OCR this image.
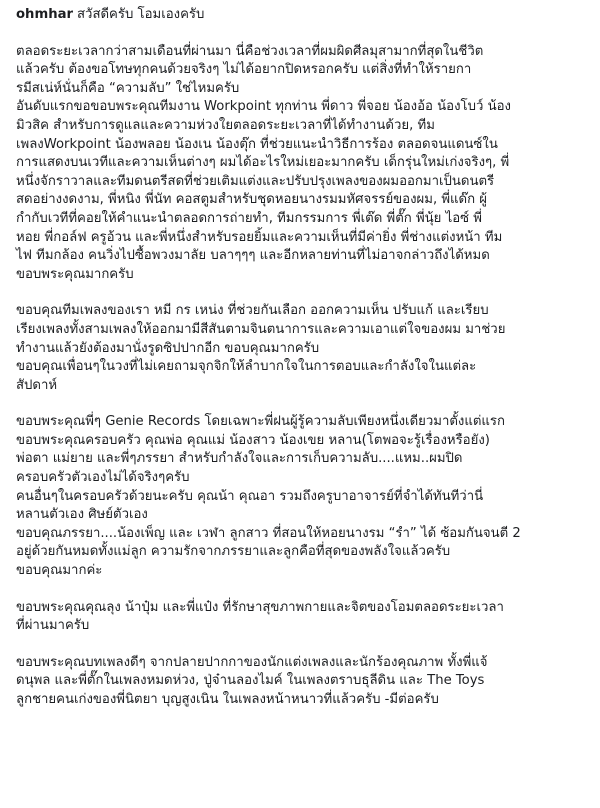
ohmhar สวัสดีครับ โอมเองครับ
ตลอดระยะเวลากว่าสามเดือนที่ผ่านมา นี่คือช่วงเวลาที่ผมผิดศีลมุสามากที่สุดในชีวิต
แล้วครับ ต้องขอโทษทุกคนด้วยจริงๆ ไม่ได้อยากปิดหรอกครับ แต่สิ่งที่ทำให้รายกา
รมีสเน่ห์นั่นก็คือ “ความลับ” ใช่ไหมครับ
อันดับแรกขอขอบพระคุณทีมงาน Workpoint ทุกท่าน พี่ดาว พี่จอย น้องอ้อ น้องโบว์ น้อง
มิวสิค สำหรับการดูแลและความห่วงใยตลอดระยะเวลาที่ได้ทำงานด้วย, ทีม
เพลงWorkpoint น้องพลอย น้องเน น้องตุ๊ก ที่ช่วยแนะนำวิธีการร้อง ตลอดจนแดนซ์ใน
การแสดงบนเวทีและความเห็นต่างๆ ผมได้อะไรใหม่เยอะมากครับ เด็กรุ่นใหม่เก่งจริงๆ, พี่
หนึ่งจักราวาลและทีมดนตรีสดที่ช่วยเติมแต่งและปรับปรุงเพลงของผมออกมาเป็นดนตรี
สดอย่างงดงาม, พี่หนิง พี่นัท คอสตูมสำหรับชุดหอยนางรมมหัศจรรย์ของผม, พี่แด๊ก ผู้
กำกับเวทีที่คอยให้คำแนะนำตลอดการถ่ายทำ, ทีมกรรมการ พี่เต๊ด พี่ตั๊ก พี่นุ้ย ไอซ์ พี่
หอย พี่กอล์ฟ ครูอ้วน และพี่หนึ่งสำหรับรอยยิ้มและความเห็นที่มีค่ายิ่ง พี่ช่างแต่งหน้า ทีม
ไฟ ทีมกล้อง คนวิ่งไปซื้อพวงมาลัย บลาๆๆๆ และอีกหลายท่านที่ไม่อาจกล่าวถึงได้หมด
ขอบพระคุณมากครับ
ขอบคุณทีมเพลงของเรา หมี กร เหน่ง ที่ช่วยกันเลือก ออกความเห็น ปรับแก้ และเรียบ
เรียงเพลงทั้งสามเพลงให้ออกมามีสีสันตามจินตนาการและความเอาแต่ใจของผม มาช่วย
ทำงานแล้วยังต้องมานั่งรูดซิปปากอีก ขอบคุณมากครับ
ขอบคุณเพื่อนๆในวงที่ไม่เคยถามจุกจิกให้ลำบากใจในการตอบและกำลังใจในแต่ละ
สัปดาห์
ขอบพระคุณพี่ๆ Genie Records โดยเฉพาะพี่ฝนผู้รู้ความลับเพียงหนึ่งเดียวมาตั้งแต่แรก
ขอบพระคุณครอบครัว คุณพ่อ คุณแม่ น้องสาว น้องเขย หลาน(โตพอจะรู้เรื่องหรือยัง)
พ่อตา แม่ยาย และพี่ๆภรรยา สำหรับกำลังใจและการเก็บความลับ....แหม..ผมปิด
ครอบครัวตัวเองไม่ได้จริงๆครับ
คนอื่นๆในครอบครัวด้วยนะครับ คุณน้า คุณอา รวมถึงครูบาอาจารย์ที่จำได้ทันทีว่านี่
หลานตัวเอง ศิษย์ตัวเอง
ขอบคุณภรรยา....น้องเพ็ญ และ เวฬา ลูกสาว ที่สอนให้หอยนางรม “รำ” ได้ ซ้อมกันจนตี 2
อยู่ด้วยกันหมดทั้งแม่ลูก ความรักจากภรรยาและลูกคือที่สุดของพลังใจแล้วครับ
ขอบคุณมากค่ะ
ขอบพระคุณคุณลุง น้าปุ๋ม และพี่แป๋ง ที่รักษาสุขภาพกายและจิตของโอมตลอดระยะเวลา
ที่ผ่านมาครับ
ขอบพระคุณบทเพลงดีๆ จากปลายปากกาของนักแต่งเพลงและนักร้องคุณภาพ ทั้งพี่แจ้
ดนุพล และพี่ตั๊กในเพลงหมดห่วง, ปู่จ๋านลองไมค์ ในเพลงตราบธุลีดิน และ The Toys
ลูกชายคนเก่งของพี่นิตยา บุญสูงเนิน ในเพลงหน้าหนาวที่แล้วครับ -มีต่อครับ
